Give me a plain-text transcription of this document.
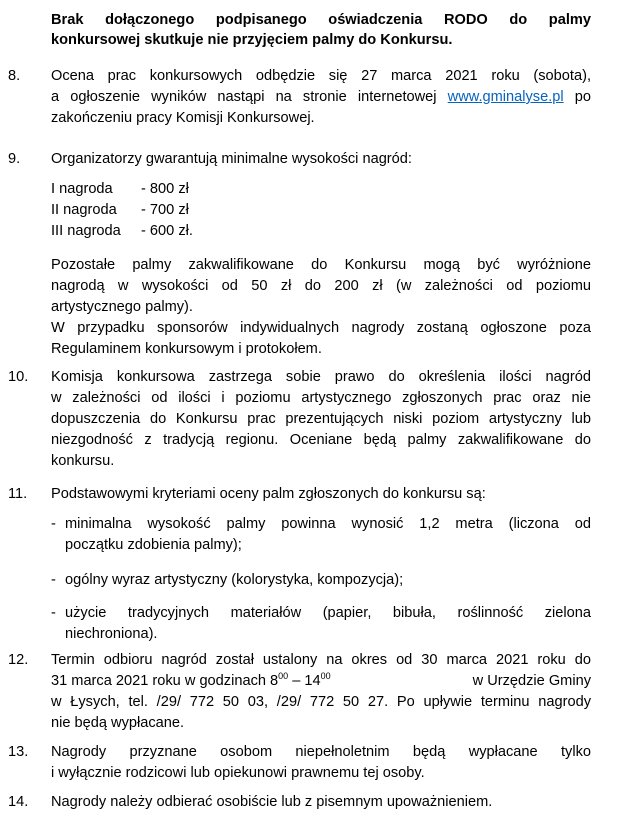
Brak dołączonego podpisanego oświadczenia RODO do palmy
konkursowej skutkuje nie przyjęciem palmy do Konkursu.
8.	Ocena prac konkursowych odbędzie się 27 marca 2021 roku (sobota),
a ogłoszenie wyników nastąpi na stronie internetowej www.gminalyse.pl po
zakończeniu pracy Komisji Konkursowej.
9.	Organizatorzy gwarantują minimalne wysokości nagród:
I nagroda	- 800 zł
II nagroda	- 700 zł
III nagroda	- 600 zł.
Pozostałe palmy zakwalifikowane do Konkursu mogą być wyróżnione
nagrodą w wysokości od 50 zł do 200 zł (w zależności od poziomu
artystycznego palmy).
W przypadku sponsorów indywidualnych nagrody zostaną ogłoszone poza
Regulaminem konkursowym i protokołem.
10.	Komisja konkursowa zastrzega sobie prawo do określenia ilości nagród
w zależności od ilości i poziomu artystycznego zgłoszonych prac oraz nie
dopuszczenia do Konkursu prac prezentujących niski poziom artystyczny lub
niezgodność z tradycją regionu. Oceniane będą palmy zakwalifikowane do
konkursu.
11.	Podstawowymi kryteriami oceny palm zgłoszonych do konkursu są:
- minimalna wysokość palmy powinna wynosić 1,2 metra (liczona od
początku zdobienia palmy);
- ogólny wyraz artystyczny (kolorystyka, kompozycja);
- użycie tradycyjnych materiałów (papier, bibuła, roślinność zielona
niechroniona).
12.	Termin odbioru nagród został ustalony na okres od 30 marca 2021 roku do
31 marca 2021 roku w godzinach $8^{00} - 14^{00}$	w Urzędzie Gminy
w Łysych, tel. /29/ 772 50 03, /29/ 772 50 27. Po upływie terminu nagrody
nie będą wypłacane.
13.	Nagrody przyznane osobom niepełnoletnim będą wypłacane tylko
i wyłącznie rodzicowi lub opiekunowi prawnemu tej osoby.
14.	Nagrody należy odbierać osobiście lub z pisemnym upoważnieniem.
